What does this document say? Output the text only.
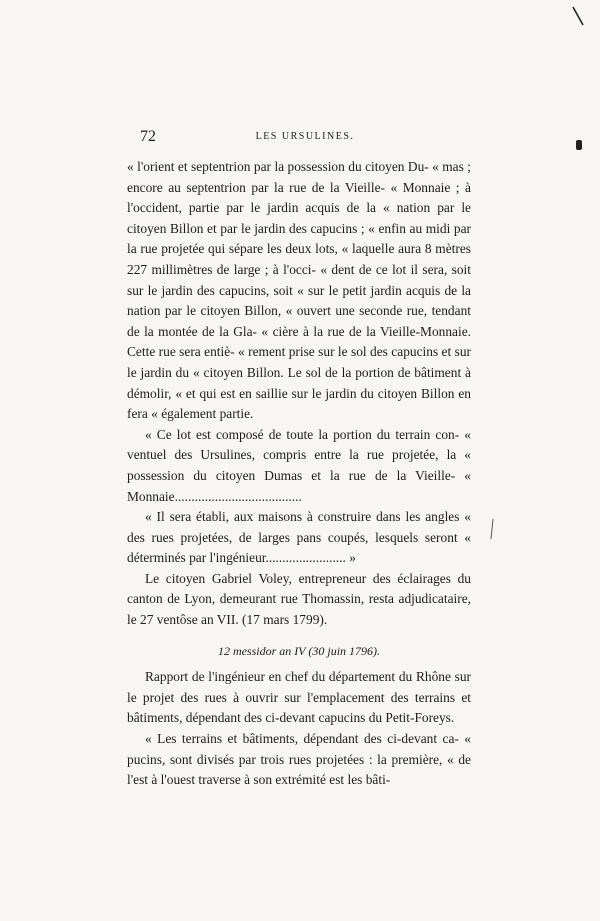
72	LES URSULINES.

« l'orient et septentrion par la possession du citoyen Du- « mas ; encore au septentrion par la rue de la Vieille- « Monnaie ; à l'occident, partie par le jardin acquis de la « nation par le citoyen Billon et par le jardin des capucins ; « enfin au midi par la rue projetée qui sépare les deux lots, « laquelle aura 8 mètres 227 millimètres de large ; à l'occi- « dent de ce lot il sera, soit sur le jardin des capucins, soit « sur le petit jardin acquis de la nation par le citoyen Billon, « ouvert une seconde rue, tendant de la montée de la Gla- « cière à la rue de la Vieille-Monnaie. Cette rue sera entiè- « rement prise sur le sol des capucins et sur le jardin du « citoyen Billon. Le sol de la portion de bâtiment à démolir, « et qui est en saillie sur le jardin du citoyen Billon en fera « également partie.

« Ce lot est composé de toute la portion du terrain con- « ventuel des Ursulines, compris entre la rue projetée, la « possession du citoyen Dumas et la rue de la Vieille- « Monnaie......................................

« Il sera établi, aux maisons à construire dans les angles « des rues projetées, de larges pans coupés, lesquels seront « déterminés par l'ingénieur........................ »

Le citoyen Gabriel Voley, entrepreneur des éclairages du canton de Lyon, demeurant rue Thomassin, resta adjudicataire, le 27 ventôse an VII. (17 mars 1799).

12 messidor an IV (30 juin 1796).

Rapport de l'ingénieur en chef du département du Rhône sur le projet des rues à ouvrir sur l'emplacement des terrains et bâtiments, dépendant des ci-devant capucins du Petit-Foreys.

« Les terrains et bâtiments, dépendant des ci-devant ca- « pucins, sont divisés par trois rues projetées : la première, « de l'est à l'ouest traverse à son extrémité est les bâti-
